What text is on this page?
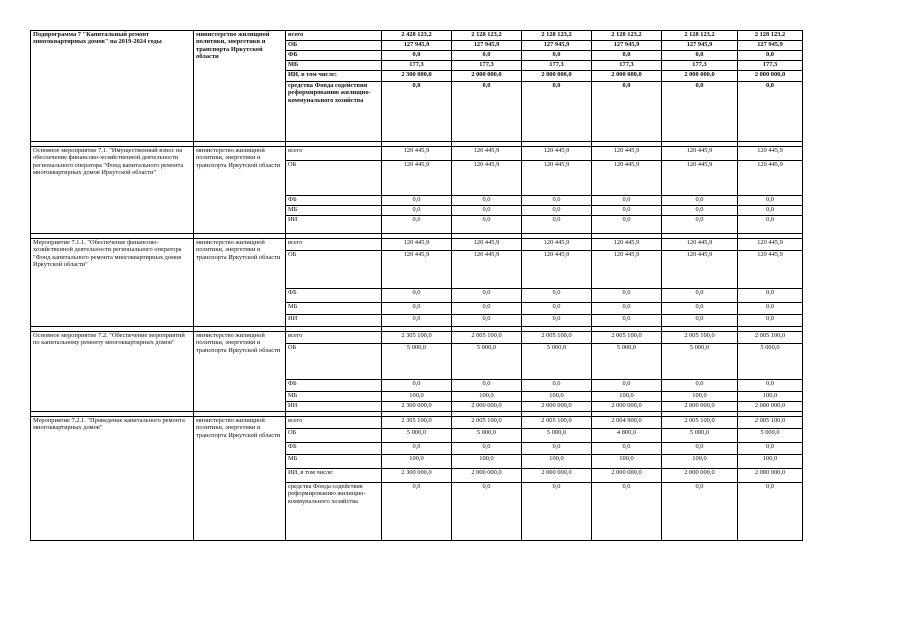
Подпрограмма 7 "Капитальный ремонт многоквартирных домов" на 2019-2024 годы	министерство жилищной политики, энергетики и транспорта Иркутской области	всего	2 428 123,2	2 128 123,2	2 128 123,2	2 128 123,2	2 128 123,2	2 128 123,2
		ОБ	127 945,9	127 945,9	127 945,9	127 945,9	127 945,9	127 945,9
		ФБ	0,0	0,0	0,0	0,0	0,0	0,0
		МБ	177,3	177,3	177,3	177,3	177,3	177,3
		ИИ, в том числе:	2 300 000,0	2 000 000,0	2 000 000,0	2 000 000,0	2 000 000,0	2 000 000,0
		средства Фонда содействия реформированию жилищно-коммунального хозяйства	0,0	0,0	0,0	0,0	0,0	0,0

Основное мероприятие 7.1. "Имущественный взнос на обеспечение финансово-хозяйственной деятельности регионального оператора "Фонд капитального ремонта многоквартирных домов Иркутской области"	министерство жилищной политики, энергетики и транспорта Иркутской области	всего	120 445,9	120 445,9	120 445,9	120 445,9	120 445,9	120 445,9
		ОБ	120 445,9	120 445,9	120 445,9	120 445,9	120 445,9	120 445,9
		ФБ	0,0	0,0	0,0	0,0	0,0	0,0
		МБ	0,0	0,0	0,0	0,0	0,0	0,0
		ИИ	0,0	0,0	0,0	0,0	0,0	0,0

Мероприятие 7.1.1. "Обеспечение финансово-хозяйственной деятельности регионального оператора "Фонд капитального ремонта многоквартирных домов Иркутской области"	министерство жилищной политики, энергетики и транспорта Иркутской области	всего	120 445,9	120 445,9	120 445,9	120 445,9	120 445,9	120 445,9
		ОБ	120 445,9	120 445,9	120 445,9	120 445,9	120 445,9	120 445,9
		ФБ	0,0	0,0	0,0	0,0	0,0	0,0
		МБ	0,0	0,0	0,0	0,0	0,0	0,0
		ИИ	0,0	0,0	0,0	0,0	0,0	0,0

Основное мероприятие 7.2. "Обеспечение мероприятий по капитальному ремонту многоквартирных домов"	министерство жилищной политики, энергетики и транспорта Иркутской области	всего	2 305 100,0	2 005 100,0	2 005 100,0	2 005 100,0	2 005 100,0	2 005 100,0
		ОБ	5 000,0	5 000,0	5 000,0	5 000,0	5 000,0	5 000,0
		ФБ	0,0	0,0	0,0	0,0	0,0	0,0
		МБ	100,0	100,0	100,0	100,0	100,0	100,0
		ИИ	2 300 000,0	2 000 000,0	2 000 000,0	2 000 000,0	2 000 000,0	2 000 000,0

Мероприятие 7.2.1. "Проведение капитального ремонта многоквартирных домов"	министерство жилищной политики, энергетики и транспорта Иркутской области	всего	2 305 100,0	2 005 100,0	2 005 100,0	2 004 900,0	2 005 100,0	2 005 100,0
		ОБ	5 000,0	5 000,0	5 000,0	4 800,0	5 000,0	5 000,0
		ФБ	0,0	0,0	0,0	0,0	0,0	0,0
		МБ	100,0	100,0	100,0	100,0	100,0	100,0
		ИИ, в том числе:	2 300 000,0	2 000 000,0	2 000 000,0	2 000 000,0	2 000 000,0	2 000 000,0
		средства Фонда содействия реформированию жилищно-коммунального хозяйства	0,0	0,0	0,0	0,0	0,0	0,0
